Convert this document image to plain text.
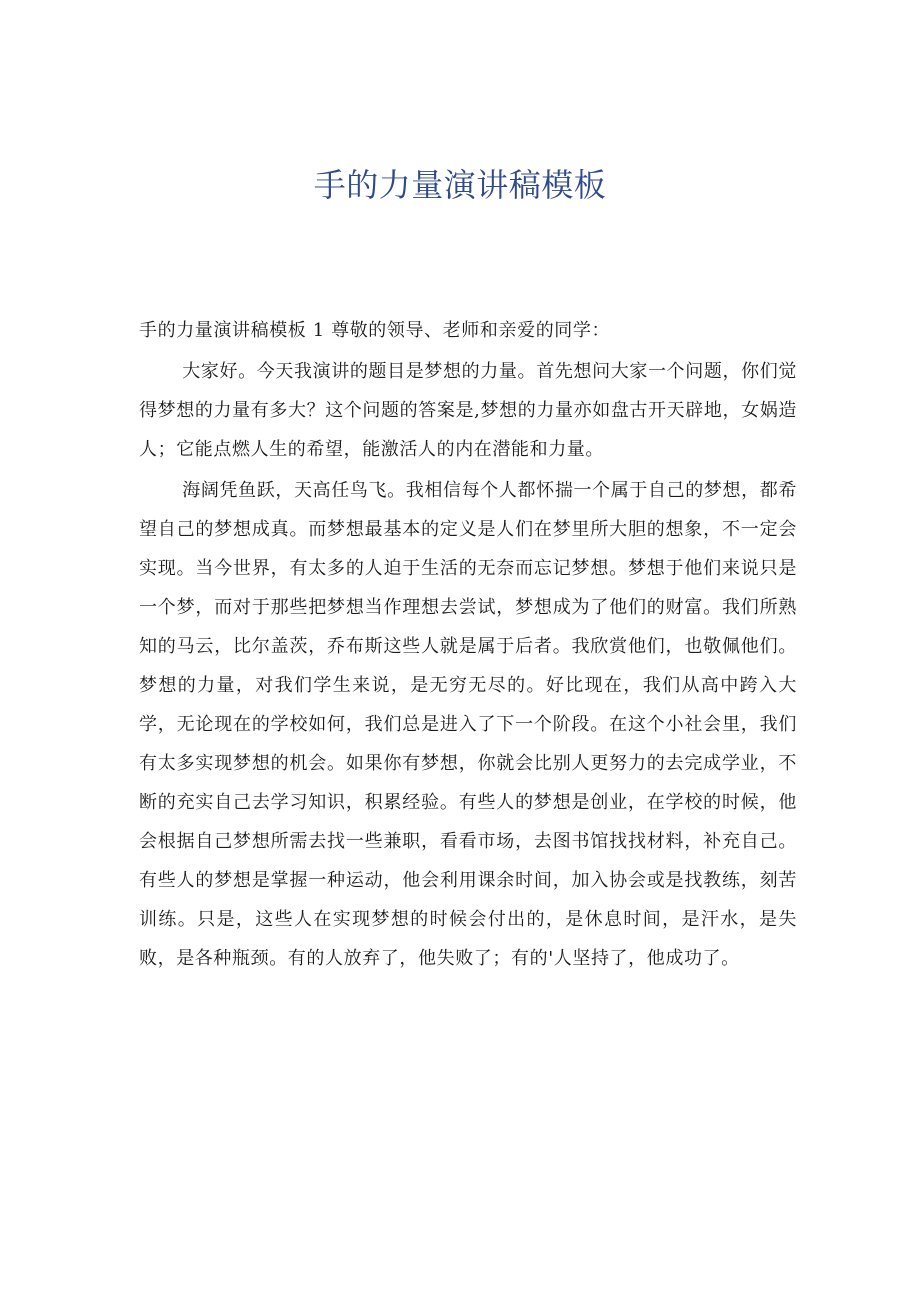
手的力量演讲稿模板

手的力量演讲稿模板 1 尊敬的领导、老师和亲爱的同学：

大家好。今天我演讲的题目是梦想的力量。首先想问大家一个问题，你们觉得梦想的力量有多大？这个问题的答案是,梦想的力量亦如盘古开天辟地，女娲造人；它能点燃人生的希望，能激活人的内在潜能和力量。

海阔凭鱼跃，天高任鸟飞。我相信每个人都怀揣一个属于自己的梦想，都希望自己的梦想成真。而梦想最基本的定义是人们在梦里所大胆的想象，不一定会实现。当今世界，有太多的人迫于生活的无奈而忘记梦想。梦想于他们来说只是一个梦，而对于那些把梦想当作理想去尝试，梦想成为了他们的财富。我们所熟知的马云，比尔盖茨，乔布斯这些人就是属于后者。我欣赏他们，也敬佩他们。梦想的力量，对我们学生来说，是无穷无尽的。好比现在，我们从高中跨入大学，无论现在的学校如何，我们总是进入了下一个阶段。在这个小社会里，我们有太多实现梦想的机会。如果你有梦想，你就会比别人更努力的去完成学业，不断的充实自己去学习知识，积累经验。有些人的梦想是创业，在学校的时候，他会根据自己梦想所需去找一些兼职，看看市场，去图书馆找找材料，补充自己。有些人的梦想是掌握一种运动，他会利用课余时间，加入协会或是找教练，刻苦训练。只是，这些人在实现梦想的时候会付出的，是休息时间，是汗水，是失败，是各种瓶颈。有的人放弃了，他失败了；有的'人坚持了，他成功了。
